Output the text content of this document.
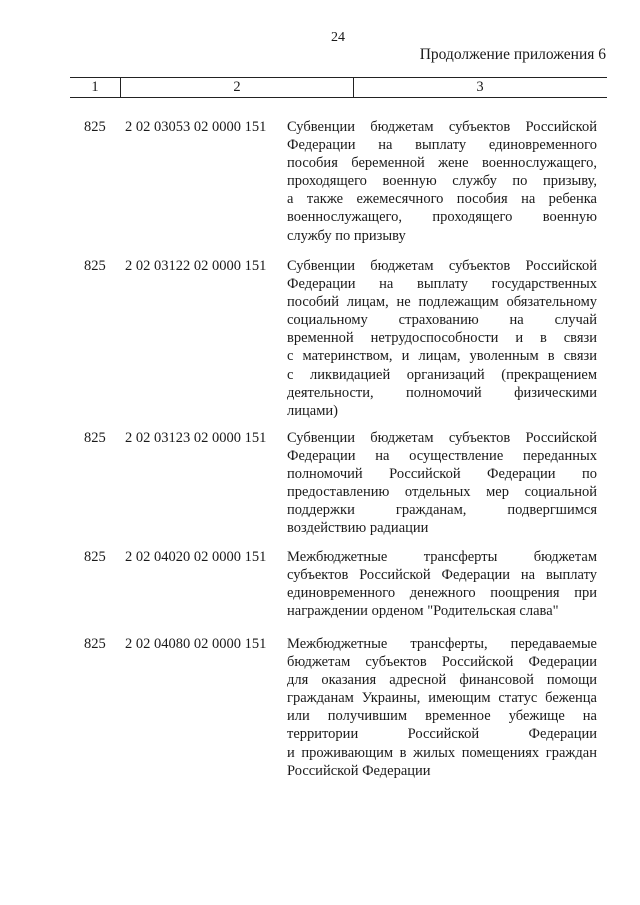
24
Продолжение приложения 6
1	2	3
825 2 02 03053 02 0000 151 Субвенции бюджетам субъектов Российской
Федерации на выплату единовременного
пособия беременной жене военнослужащего,
проходящего военную службу по призыву,
а также ежемесячного пособия на ребенка
военнослужащего, проходящего военную
службу по призыву
825 2 02 03122 02 0000 151 Субвенции бюджетам субъектов Российской
Федерации на выплату государственных
пособий лицам, не подлежащим обязательному
социальному страхованию на случай
временной нетрудоспособности и в связи
с материнством, и лицам, уволенным в связи
с ликвидацией организаций (прекращением
деятельности, полномочий физическими
лицами)
825 2 02 03123 02 0000 151 Субвенции бюджетам субъектов Российской
Федерации на осуществление переданных
полномочий Российской Федерации по
предоставлению отдельных мер социальной
поддержки гражданам, подвергшимся
воздействию радиации
825 2 02 04020 02 0000 151 Межбюджетные трансферты бюджетам
субъектов Российской Федерации на выплату
единовременного денежного поощрения при
награждении орденом "Родительская слава"
825 2 02 04080 02 0000 151 Межбюджетные трансферты, передаваемые
бюджетам субъектов Российской Федерации
для оказания адресной финансовой помощи
гражданам Украины, имеющим статус беженца
или получившим временное убежище на
территории Российской Федерации
и проживающим в жилых помещениях граждан
Российской Федерации
